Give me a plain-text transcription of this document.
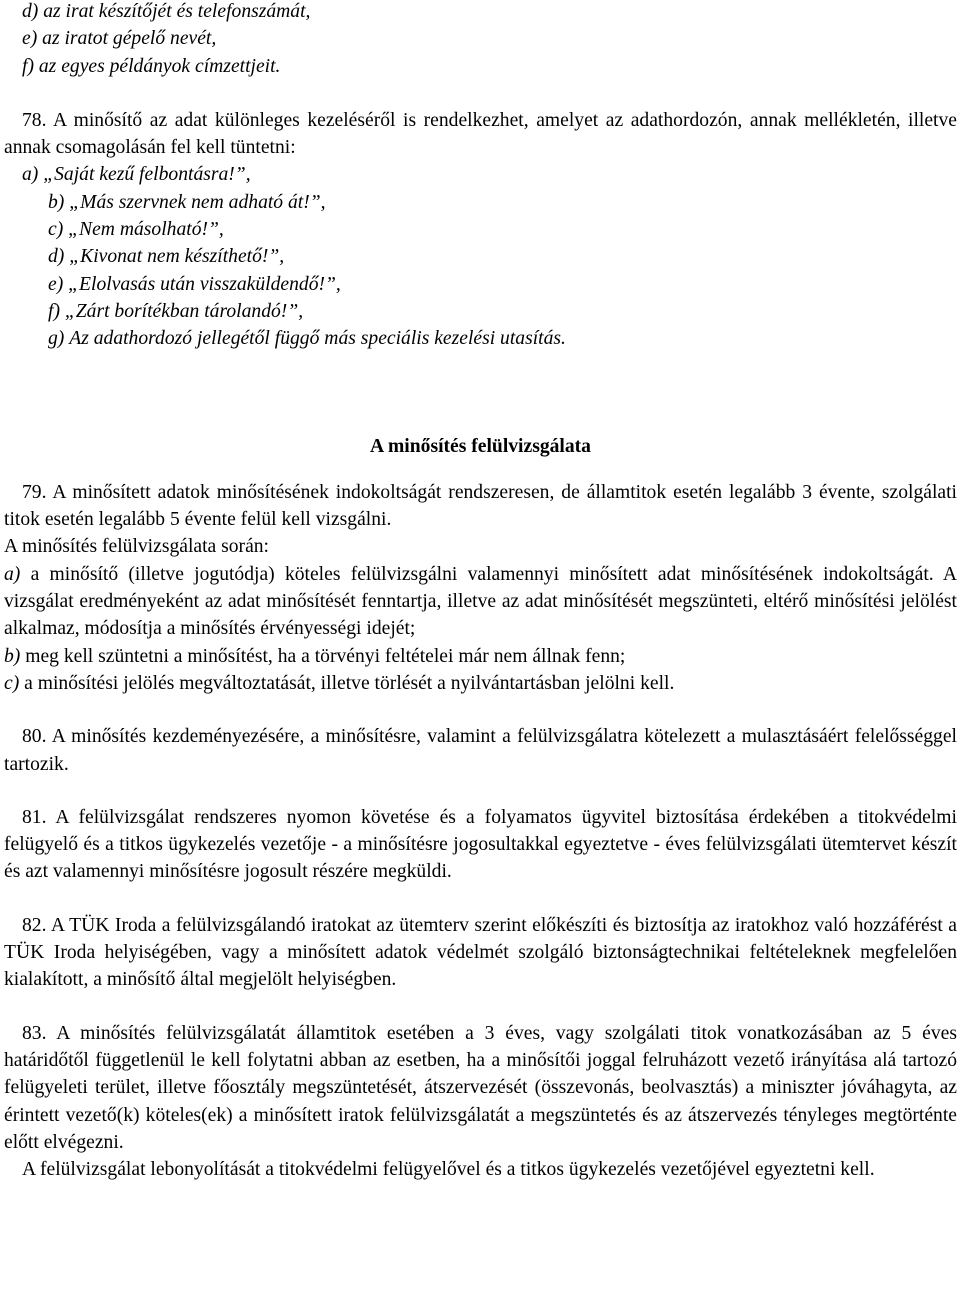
d) az irat készítőjét és telefonszámát,

e) az iratot gépelő nevét,

f) az egyes példányok címzettjeit.

78. A minősítő az adat különleges kezeléséről is rendelkezhet, amelyet az adathordozón, annak mellékletén, illetve annak csomagolásán fel kell tüntetni:

a) „Saját kezű felbontásra!”,

b) „Más szervnek nem adható át!”,

c) „Nem másolható!”,

d) „Kivonat nem készíthető!”,

e) „Elolvasás után visszaküldendő!”,

f) „Zárt borítékban tárolandó!”,

g) Az adathordozó jellegétől függő más speciális kezelési utasítás.

A minősítés felülvizsgálata

79. A minősített adatok minősítésének indokoltságát rendszeresen, de államtitok esetén legalább 3 évente, szolgálati titok esetén legalább 5 évente felül kell vizsgálni.

A minősítés felülvizsgálata során:

a) a minősítő (illetve jogutódja) köteles felülvizsgálni valamennyi minősített adat minősítésének indokoltságát. A vizsgálat eredményeként az adat minősítését fenntartja, illetve az adat minősítését megszünteti, eltérő minősítési jelölést alkalmaz, módosítja a minősítés érvényességi idejét;

b) meg kell szüntetni a minősítést, ha a törvényi feltételei már nem állnak fenn;

c) a minősítési jelölés megváltoztatását, illetve törlését a nyilvántartásban jelölni kell.

80. A minősítés kezdeményezésére, a minősítésre, valamint a felülvizsgálatra kötelezett a mulasztásáért felelősséggel tartozik.

81. A felülvizsgálat rendszeres nyomon követése és a folyamatos ügyvitel biztosítása érdekében a titokvédelmi felügyelő és a titkos ügykezelés vezetője - a minősítésre jogosultakkal egyeztetve - éves felülvizsgálati ütemtervet készít és azt valamennyi minősítésre jogosult részére megküldi.

82. A TÜK Iroda a felülvizsgálandó iratokat az ütemterv szerint előkészíti és biztosítja az iratokhoz való hozzáférést a TÜK Iroda helyiségében, vagy a minősített adatok védelmét szolgáló biztonságtechnikai feltételeknek megfelelően kialakított, a minősítő által megjelölt helyiségben.

83. A minősítés felülvizsgálatát államtitok esetében a 3 éves, vagy szolgálati titok vonatkozásában az 5 éves határidőtől függetlenül le kell folytatni abban az esetben, ha a minősítői joggal felruházott vezető irányítása alá tartozó felügyeleti terület, illetve főosztály megszüntetését, átszervezését (összevonás, beolvasztás) a miniszter jóváhagyta, az érintett vezető(k) köteles(ek) a minősített iratok felülvizsgálatát a megszüntetés és az átszervezés tényleges megtörténte előtt elvégezni.

A felülvizsgálat lebonyolítását a titokvédelmi felügyelővel és a titkos ügykezelés vezetőjével egyeztetni kell.
